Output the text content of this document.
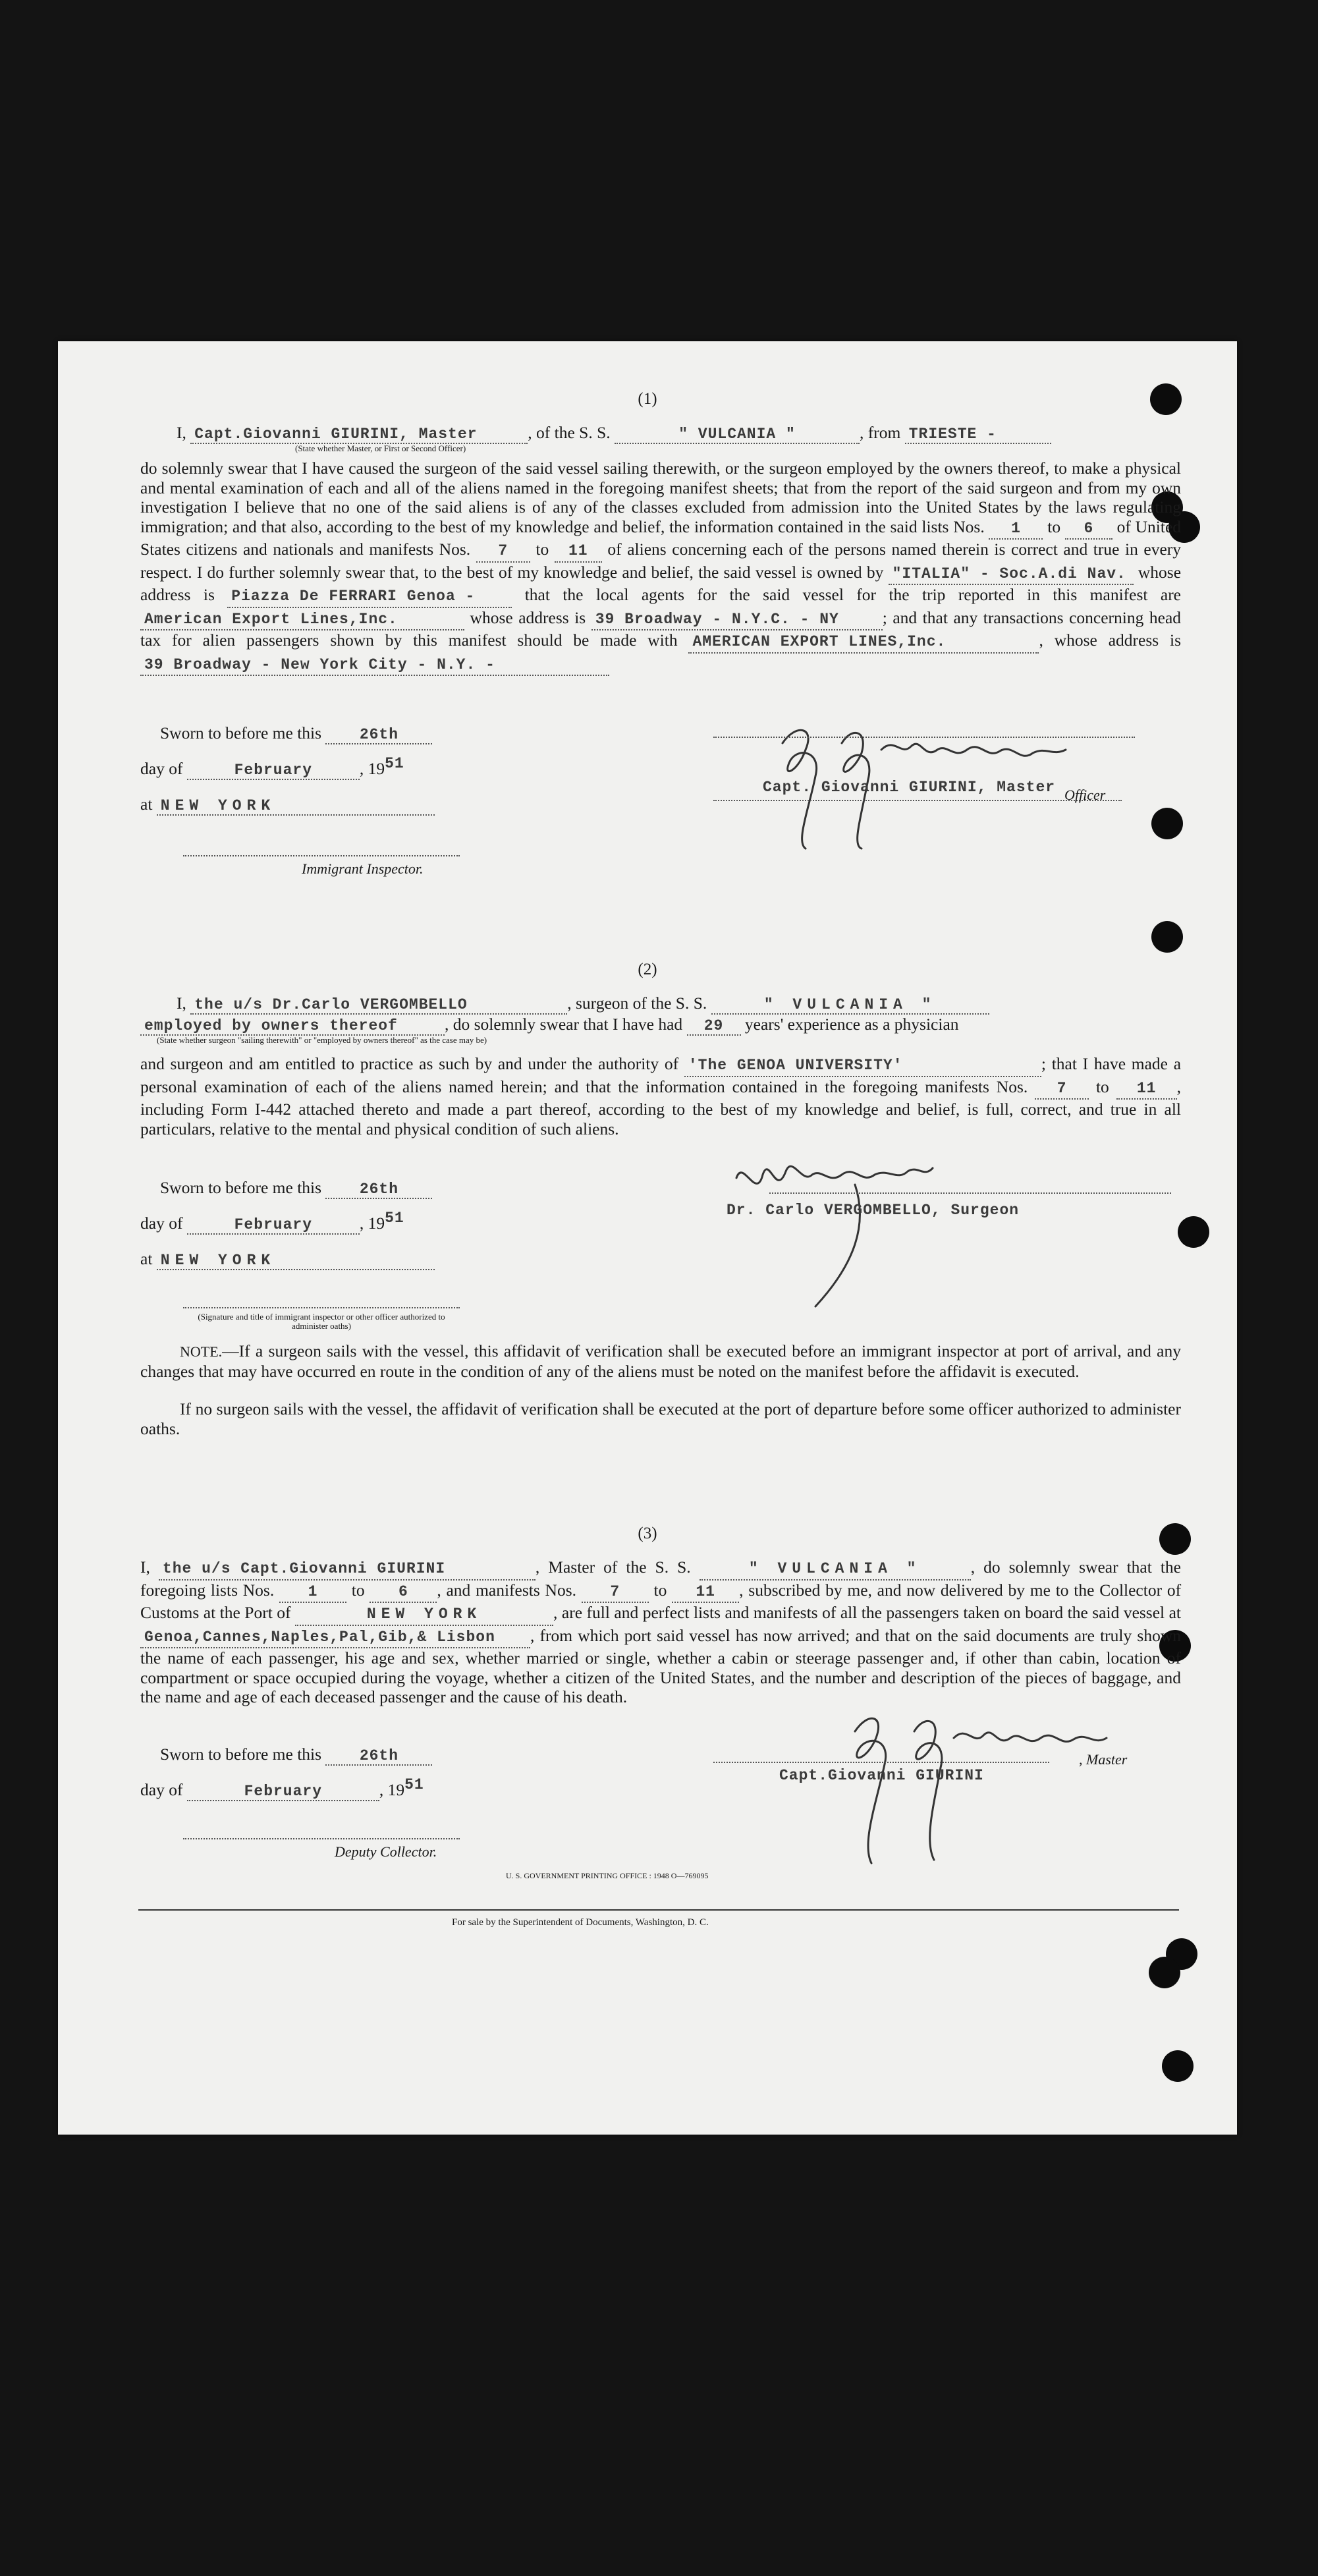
(1)
I, Capt.Giovanni GIURINI, Master	, of the S. S.	" VULCANIA "	, from TRIESTE -
(State whether Master, or First or Second Officer)
do solemnly swear that I have caused the surgeon of the said vessel sailing therewith, or the surgeon employed by the owners thereof, to make a physical and mental examination of each and all of the aliens named in the foregoing manifest sheets; that from the report of the said surgeon and from my own investigation I believe that no one of the said aliens is of any of the classes excluded from admission into the United States by the laws regulating immigration; and that also, according to the best of my knowledge and belief, the information contained in the said lists Nos. 1 to 6 of United States citizens and nationals and manifests Nos. 7 to 11 of aliens concerning each of the persons named therein is correct and true in every respect. I do further solemnly swear that, to the best of my knowledge and belief, the said vessel is owned by "ITALIA" - Soc.A.di Nav. whose address is Piazza De FERRARI Genoa -	that the local agents for the said vessel for the trip reported in this manifest are American Export Lines,Inc.	whose address is 39 Broadway - N.Y.C. - NY	; and that any transactions concerning head tax for alien passengers shown by this manifest should be made with AMERICAN EXPORT LINES,Inc.	, whose address is 39 Broadway - New York City - N.Y. -
Sworn to before me this	26th
day of	February	, 1951
at NEW YORK
Immigrant Inspector.
Capt. Giovanni GIURINI, Master Officer
(2)
I, the u/s Dr.Carlo VERGOMBELLO	, surgeon of the S. S.	" VULCANIA "
employed by owners thereof	, do solemnly swear that I have had 29 years' experience as a physician
(State whether surgeon "sailing therewith" or "employed by owners thereof" as the case may be)
and surgeon and am entitled to practice as such by and under the authority of 'The GENOA UNIVERSITY'	; that I have made a personal examination of each of the aliens named herein; and that the information contained in the foregoing manifests Nos. 7 to 11 , including Form I-442 attached thereto and made a part thereof, according to the best of my knowledge and belief, is full, correct, and true in all particulars, relative to the mental and physical condition of such aliens.
Sworn to before me this	26th
day of	February	, 1951
at NEW YORK
(Signature and title of immigrant inspector or other officer authorized to administer oaths)
Dr. Carlo VERGOMBELLO, Surgeon
NOTE.—If a surgeon sails with the vessel, this affidavit of verification shall be executed before an immigrant inspector at port of arrival, and any changes that may have occurred en route in the condition of any of the aliens must be noted on the manifest before the affidavit is executed.
If no surgeon sails with the vessel, the affidavit of verification shall be executed at the port of departure before some officer authorized to administer oaths.
(3)
I, the u/s Capt.Giovanni GIURINI	, Master of the S. S.	" VULCANIA "	, do solemnly swear that the foregoing lists Nos. 1 to 6 , and manifests Nos. 7 to 11 , subscribed by me, and now delivered by me to the Collector of Customs at the Port of	NEW YORK	, are full and perfect lists and manifests of all the passengers taken on board the said vessel at Genoa,Cannes,Naples,Pal,Gib,& Lisbon , from which port said vessel has now arrived; and that on the said documents are truly shown the name of each passenger, his age and sex, whether married or single, whether a cabin or steerage passenger and, if other than cabin, location of compartment or space occupied during the voyage, whether a citizen of the United States, and the number and description of the pieces of baggage, and the name and age of each deceased passenger and the cause of his death.
Sworn to before me this	26th
day of	February	, 1951
Deputy Collector.
Capt.Giovanni GIURINI
, Master
U. S. GOVERNMENT PRINTING OFFICE : 1948 O—769095
For sale by the Superintendent of Documents, Washington, D. C.
